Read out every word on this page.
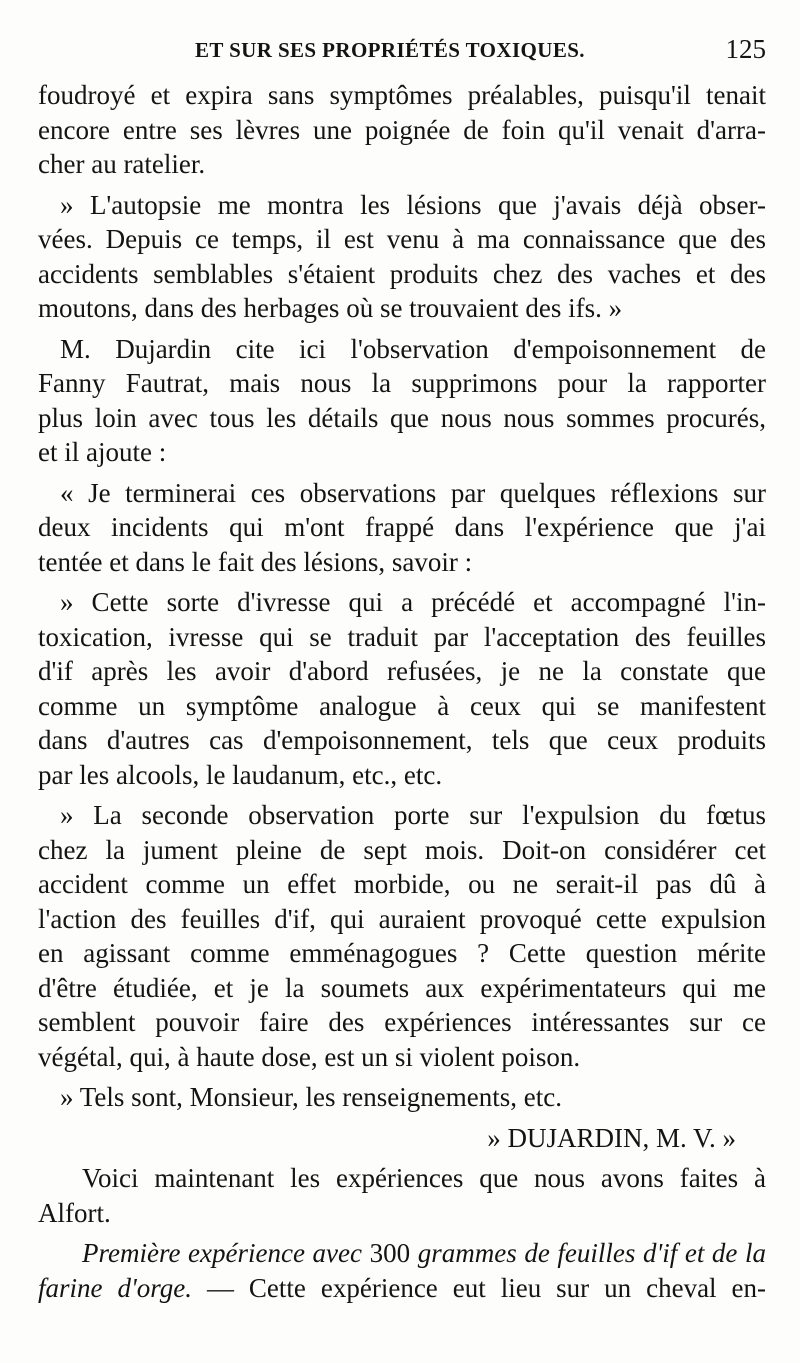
ET SUR SES PROPRIÉTÉS TOXIQUES.	125
foudroyé et expira sans symptômes préalables, puisqu'il tenait
encore entre ses lèvres une poignée de foin qu'il venait d'arra-
cher au ratelier.
» L'autopsie me montra les lésions que j'avais déjà obser-
vées. Depuis ce temps, il est venu à ma connaissance que des
accidents semblables s'étaient produits chez des vaches et des
moutons, dans des herbages où se trouvaient des ifs. »
M. Dujardin cite ici l'observation d'empoisonnement de
Fanny Fautrat, mais nous la supprimons pour la rapporter
plus loin avec tous les détails que nous nous sommes procurés,
et il ajoute :
« Je terminerai ces observations par quelques réflexions sur
deux incidents qui m'ont frappé dans l'expérience que j'ai
tentée et dans le fait des lésions, savoir :
» Cette sorte d'ivresse qui a précédé et accompagné l'in-
toxication, ivresse qui se traduit par l'acceptation des feuilles
d'if après les avoir d'abord refusées, je ne la constate que
comme un symptôme analogue à ceux qui se manifestent
dans d'autres cas d'empoisonnement, tels que ceux produits
par les alcools, le laudanum, etc., etc.
» La seconde observation porte sur l'expulsion du fœtus
chez la jument pleine de sept mois. Doit-on considérer cet
accident comme un effet morbide, ou ne serait-il pas dû à
l'action des feuilles d'if, qui auraient provoqué cette expulsion
en agissant comme emménagogues ? Cette question mérite
d'être étudiée, et je la soumets aux expérimentateurs qui me
semblent pouvoir faire des expériences intéressantes sur ce
végétal, qui, à haute dose, est un si violent poison.
» Tels sont, Monsieur, les renseignements, etc.
» DUJARDIN, M. V. »
Voici maintenant les expériences que nous avons faites à
Alfort.
Première expérience avec 300 grammes de feuilles d'if et de la
farine d'orge. — Cette expérience eut lieu sur un cheval en-
